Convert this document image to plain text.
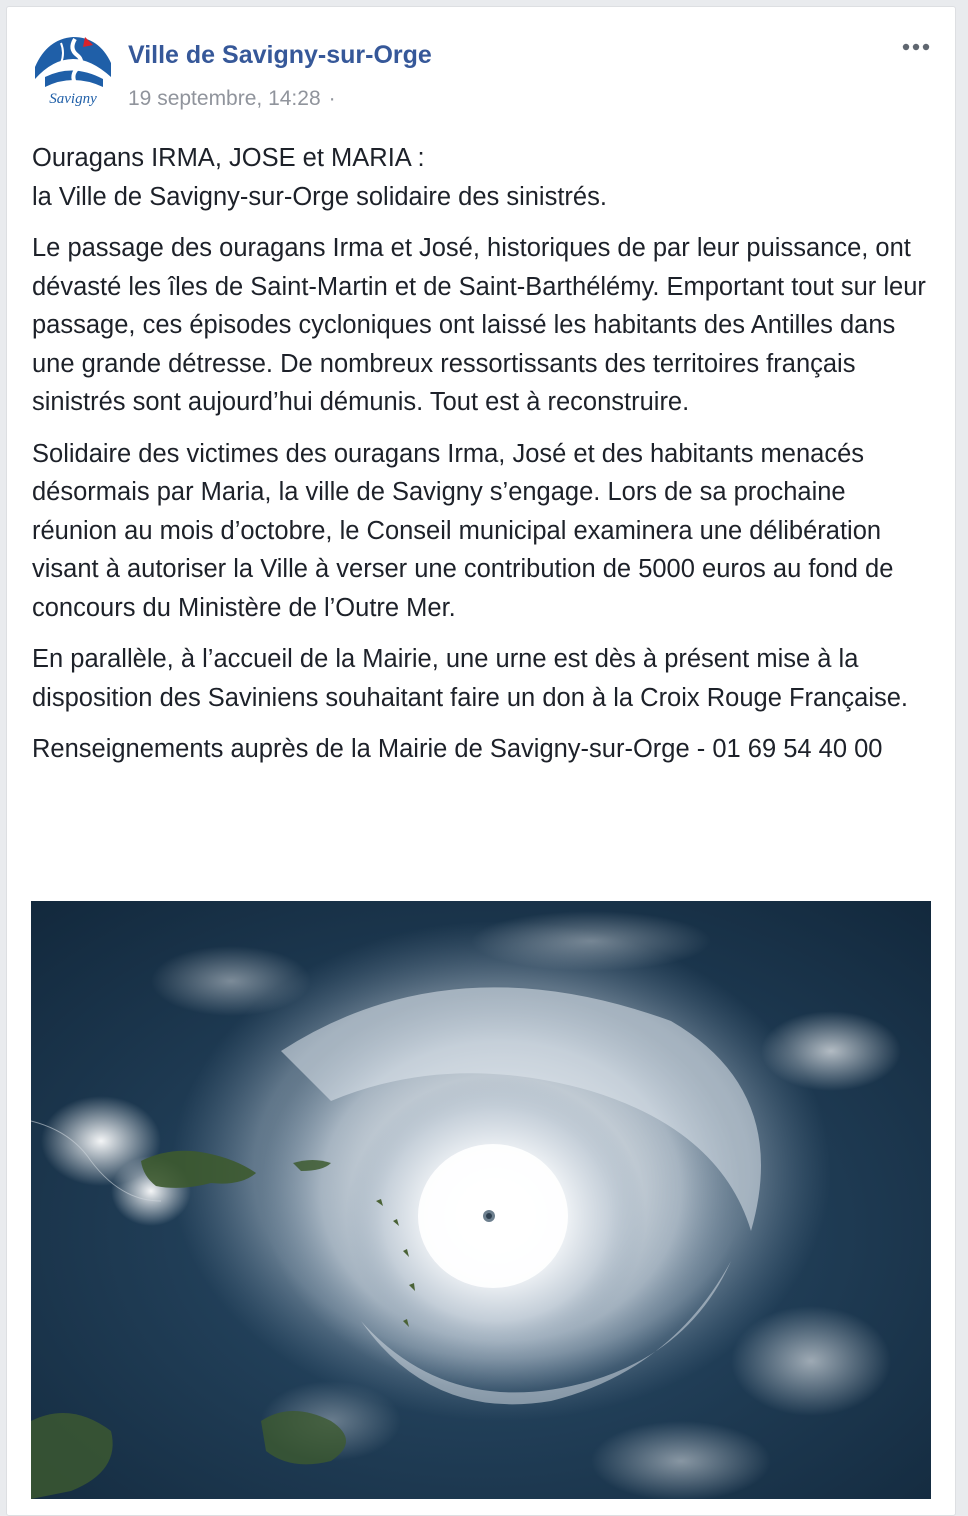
Savigny
Ville de Savigny-sur-Orge
19 septembre, 14:28 ·

Ouragans IRMA, JOSE et MARIA :
la Ville de Savigny-sur-Orge solidaire des sinistrés.

Le passage des ouragans Irma et José, historiques de par leur puissance, ont dévasté les îles de Saint-Martin et de Saint-Barthélémy. Emportant tout sur leur passage, ces épisodes cycloniques ont laissé les habitants des Antilles dans une grande détresse. De nombreux ressortissants des territoires français sinistrés sont aujourd’hui démunis. Tout est à reconstruire.

Solidaire des victimes des ouragans Irma, José et des habitants menacés désormais par Maria, la ville de Savigny s’engage. Lors de sa prochaine réunion au mois d’octobre, le Conseil municipal examinera une délibération visant à autoriser la Ville à verser une contribution de 5000 euros au fond de concours du Ministère de l’Outre Mer.

En parallèle, à l’accueil de la Mairie, une urne est dès à présent mise à la disposition des Saviniens souhaitant faire un don à la Croix Rouge Française.

Renseignements auprès de la Mairie de Savigny-sur-Orge - 01 69 54 40 00
